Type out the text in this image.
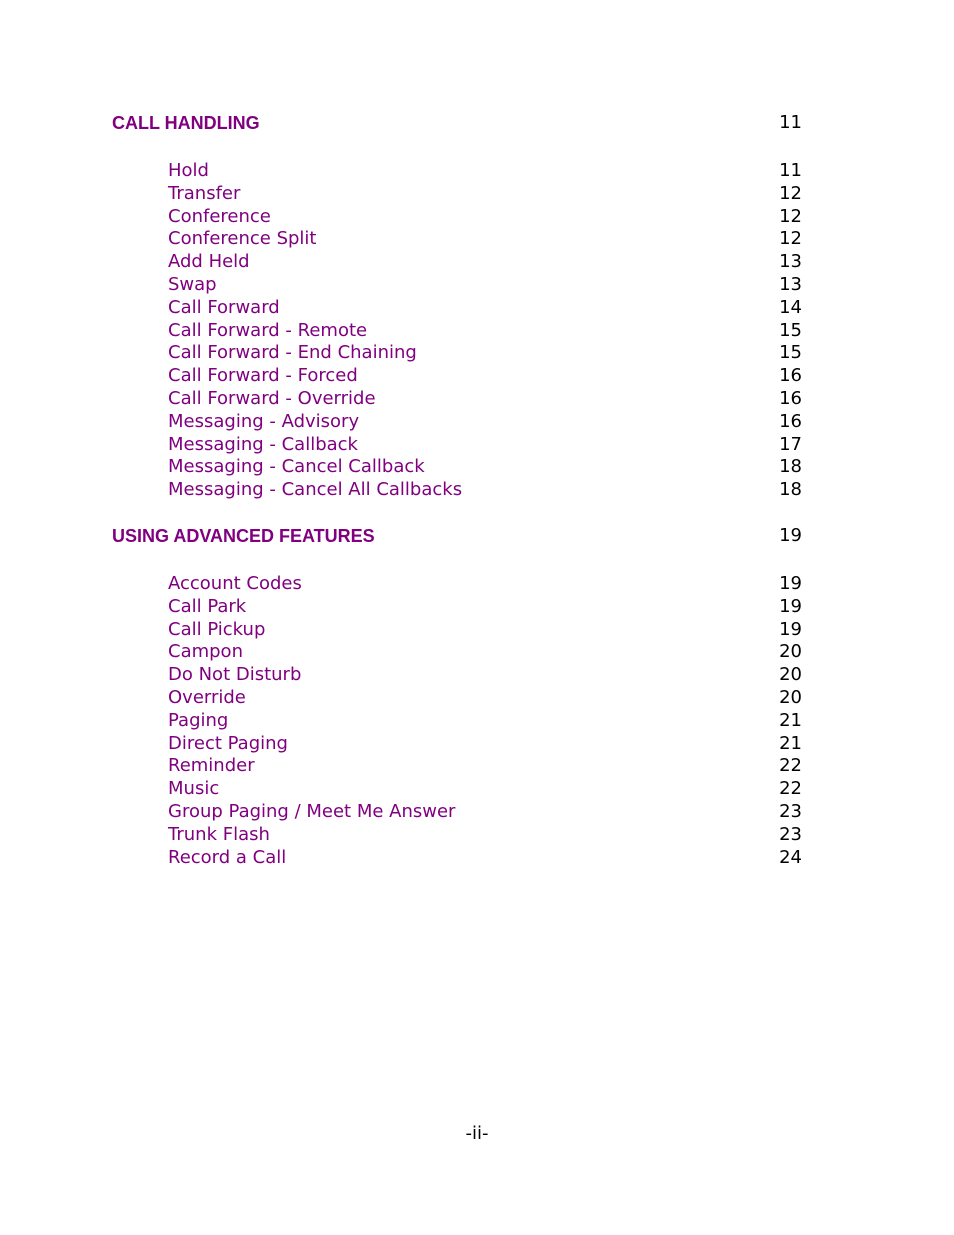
CALL HANDLING	11
Hold	11
Transfer	12
Conference	12
Conference Split	12
Add Held	13
Swap	13
Call Forward	14
Call Forward - Remote	15
Call Forward - End Chaining	15
Call Forward - Forced	16
Call Forward - Override	16
Messaging - Advisory	16
Messaging - Callback	17
Messaging - Cancel Callback	18
Messaging - Cancel All Callbacks	18
USING ADVANCED FEATURES	19
Account Codes	19
Call Park	19
Call Pickup	19
Campon	20
Do Not Disturb	20
Override	20
Paging	21
Direct Paging	21
Reminder	22
Music	22
Group Paging / Meet Me Answer	23
Trunk Flash	23
Record a Call	24
-ii-
